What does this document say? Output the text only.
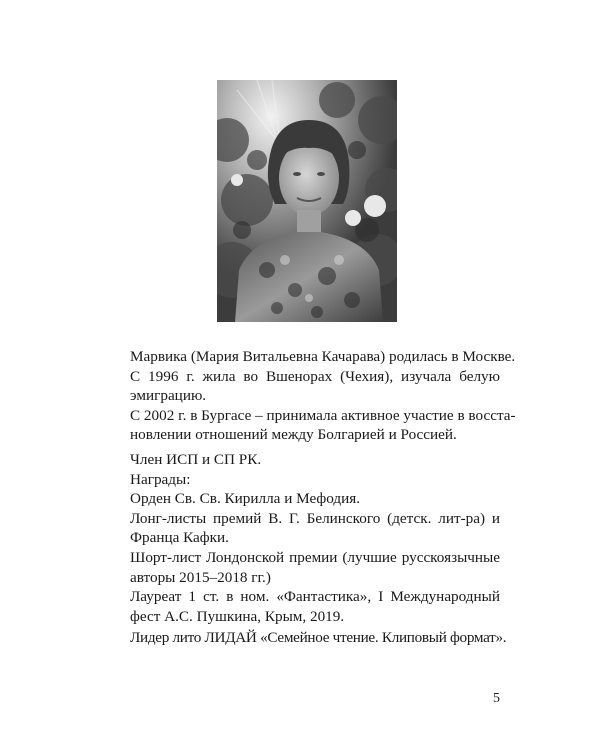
Марвика (Мария Витальевна Качарава) родилась в Москве.
С 1996 г. жила во Вшенорах (Чехия), изучала белую
эмиграцию.
С 2002 г. в Бургасе – принимала активное участие в восста-
новлении отношений между Болгарией и Россией.
Член ИСП и СП РК.
Награды:
Орден Св. Св. Кирилла и Мефодия.
Лонг-листы премий В. Г. Белинского (детск. лит-ра) и
Франца Кафки.
Шорт-лист Лондонской премии (лучшие русскоязычные
авторы 2015–2018 гг.)
Лауреат 1 ст. в ном. «Фантастика», I Международный
фест А.С. Пушкина, Крым, 2019.
Лидер лито ЛИДАЙ «Семейное чтение. Клиповый формат».
5
